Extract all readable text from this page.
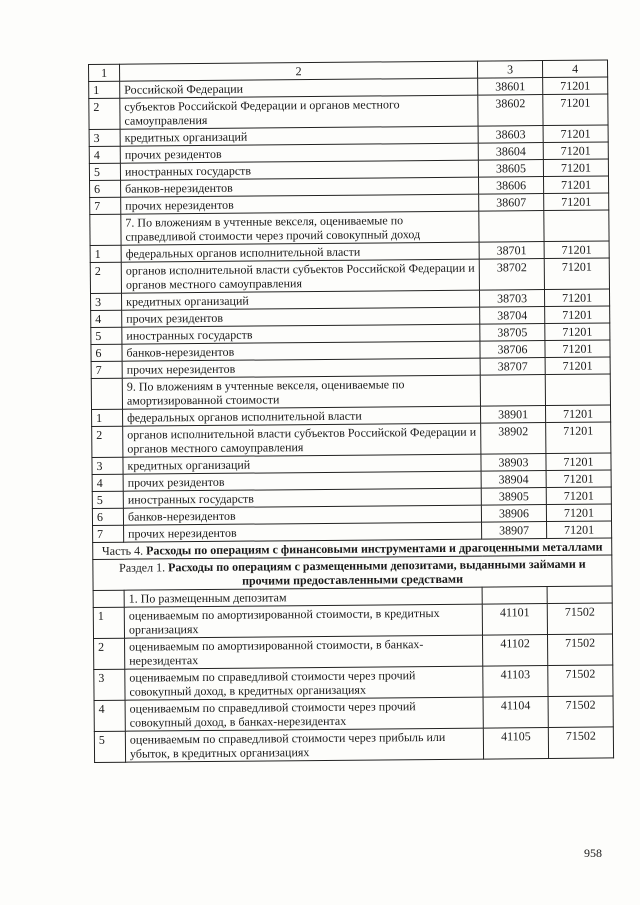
1	2	3	4
1	Российской Федерации	38601	71201
2	субъектов Российской Федерации и органов местного самоуправления	38602	71201
3	кредитных организаций	38603	71201
4	прочих резидентов	38604	71201
5	иностранных государств	38605	71201
6	банков-нерезидентов	38606	71201
7	прочих нерезидентов	38607	71201
	7. По вложениям в учтенные векселя, оцениваемые по справедливой стоимости через прочий совокупный доход		
1	федеральных органов исполнительной власти	38701	71201
2	органов исполнительной власти субъектов Российской Федерации и органов местного самоуправления	38702	71201
3	кредитных организаций	38703	71201
4	прочих резидентов	38704	71201
5	иностранных государств	38705	71201
6	банков-нерезидентов	38706	71201
7	прочих нерезидентов	38707	71201
	9. По вложениям в учтенные векселя, оцениваемые по амортизированной стоимости		
1	федеральных органов исполнительной власти	38901	71201
2	органов исполнительной власти субъектов Российской Федерации и органов местного самоуправления	38902	71201
3	кредитных организаций	38903	71201
4	прочих резидентов	38904	71201
5	иностранных государств	38905	71201
6	банков-нерезидентов	38906	71201
7	прочих нерезидентов	38907	71201
Часть 4. Расходы по операциям с финансовыми инструментами и драгоценными металлами			
Раздел 1. Расходы по операциям с размещенными депозитами, выданными займами и прочими предоставленными средствами			
	1. По размещенным депозитам		
1	оцениваемым по амортизированной стоимости, в кредитных организациях	41101	71502
2	оцениваемым по амортизированной стоимости, в банках-нерезидентах	41102	71502
3	оцениваемым по справедливой стоимости через прочий совокупный доход, в кредитных организациях	41103	71502
4	оцениваемым по справедливой стоимости через прочий совокупный доход, в банках-нерезидентах	41104	71502
5	оцениваемым по справедливой стоимости через прибыль или убыток, в кредитных организациях	41105	71502
958
